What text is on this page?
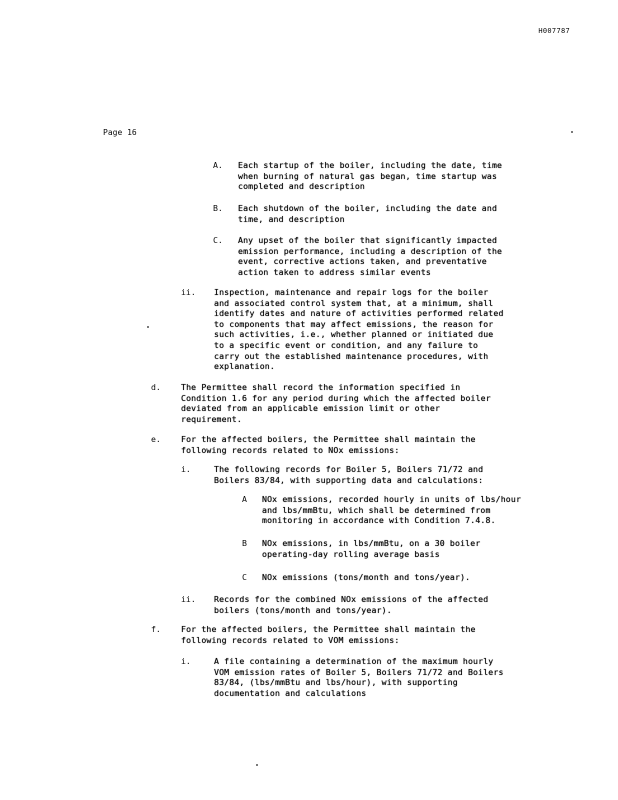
H007787
Page 16
A. Each startup of the boiler, including the date, time
when burning of natural gas began, time startup was
completed and description
B. Each shutdown of the boiler, including the date and
time, and description
C. Any upset of the boiler that significantly impacted
emission performance, including a description of the
event, corrective actions taken, and preventative
action taken to address similar events
ii. Inspection, maintenance and repair logs for the boiler
and associated control system that, at a minimum, shall
identify dates and nature of activities performed related
to components that may affect emissions, the reason for
such activities, i.e., whether planned or initiated due
to a specific event or condition, and any failure to
carry out the established maintenance procedures, with
explanation.
d. The Permittee shall record the information specified in
Condition 1.6 for any period during which the affected boiler
deviated from an applicable emission limit or other
requirement.
e. For the affected boilers, the Permittee shall maintain the
following records related to NOx emissions:
i.	The following records for Boiler 5, Boilers 71/72 and
Boilers 83/84, with supporting data and calculations:
A NOx emissions, recorded hourly in units of lbs/hour
and lbs/mmBtu, which shall be determined from
monitoring in accordance with Condition 7.4.8.
B NOx emissions, in lbs/mmBtu, on a 30 boiler
operating-day rolling average basis
C NOx emissions (tons/month and tons/year).
ii. Records for the combined NOx emissions of the affected
boilers (tons/month and tons/year).
f. For the affected boilers, the Permittee shall maintain the
following records related to VOM emissions:
i.	A file containing a determination of the maximum hourly
VOM emission rates of Boiler 5, Boilers 71/72 and Boilers
83/84, (lbs/mmBtu and lbs/hour), with supporting
documentation and calculations
